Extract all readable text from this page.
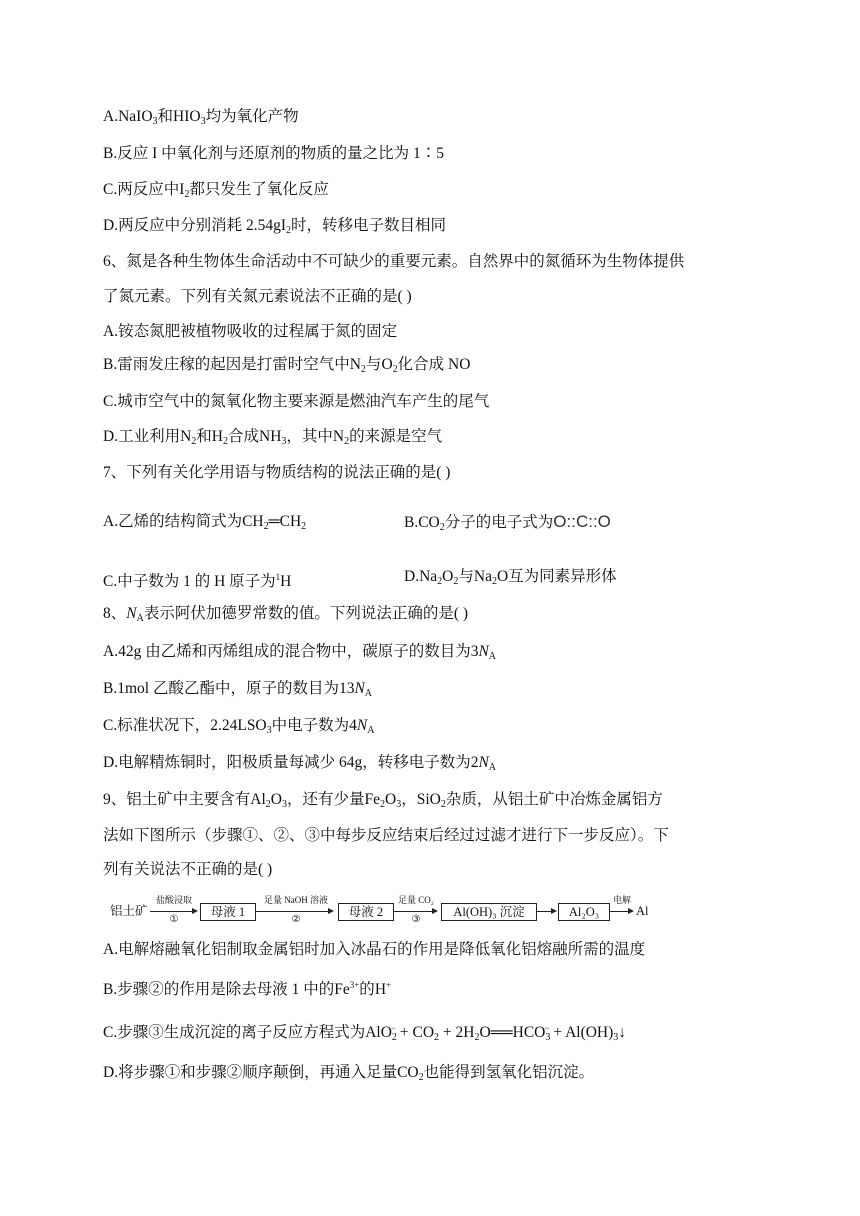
A.NaIO$_3$和$HIO_3$均为氧化产物
B.反应 I 中氧化剂与还原剂的物质的量之比为 1∶5
C.两反应中$I_2$都只发生了氧化反应
D.两反应中分别消耗 $2.54gI_2$时，转移电子数目相同
6、氮是各种生物体生命活动中不可缺少的重要元素。自然界中的氮循环为生物体提供
了氮元素。下列有关氮元素说法不正确的是( )
A.铵态氮肥被植物吸收的过程属于氮的固定
B.雷雨发庄稼的起因是打雷时空气中$N_2$与$O_2$化合成 NO
C.城市空气中的氮氧化物主要来源是燃油汽车产生的尾气
D.工业利用$N_2$和$H_2$合成$NH_3$，其中$N_2$的来源是空气
7、下列有关化学用语与物质结构的说法正确的是( )
A.乙烯的结构简式为$CH_2═CH_2$	$B.CO_2$分子的电子式为O::C::O
C.中子数为 1 的 H 原子为$^1$H	$D.Na_2O_2$与$Na_2O$互为同素异形体
8、$N_A$表示阿伏加德罗常数的值。下列说法正确的是( )
A.42g 由乙烯和丙烯组成的混合物中，碳原子的数目为$3N_A$
B.1mol 乙酸乙酯中，原子的数目为$13N_A$
C.标准状况下，$2.24LSO_3$中电子数为$4N_A$
D.电解精炼铜时，阳极质量每减少 64g，转移电子数为$2N_A$
9、铝土矿中主要含有$Al_2O_3$，还有少量$Fe_2O_3$，SiO$_2$杂质，从铝土矿中冶炼金属铝方
法如下图所示（步骤①、②、③中每步反应结束后经过过滤才进行下一步反应）。下
列有关说法不正确的是( )
铝土矿
盐酸浸取
①
母液 1
足量 NaOH 溶液
②
母液 2
足量 CO₂
③
Al(OH)₃ 沉淀	Al₂O₃
电解
Al
A.电解熔融氧化铝制取金属铝时加入冰晶石的作用是降低氧化铝熔融所需的温度
B.步骤②的作用是除去母液 1 中的$Fe^{3+}$的H+
C.步骤③生成沉淀的离子反应方程式为$AlO_2^- + CO_2$ + $2H_2O══HCO_3^-$ + $Al(OH)_3↓$
D.将步骤①和步骤②顺序颠倒，再通入足量$CO_2$也能得到氢氧化铝沉淀。
